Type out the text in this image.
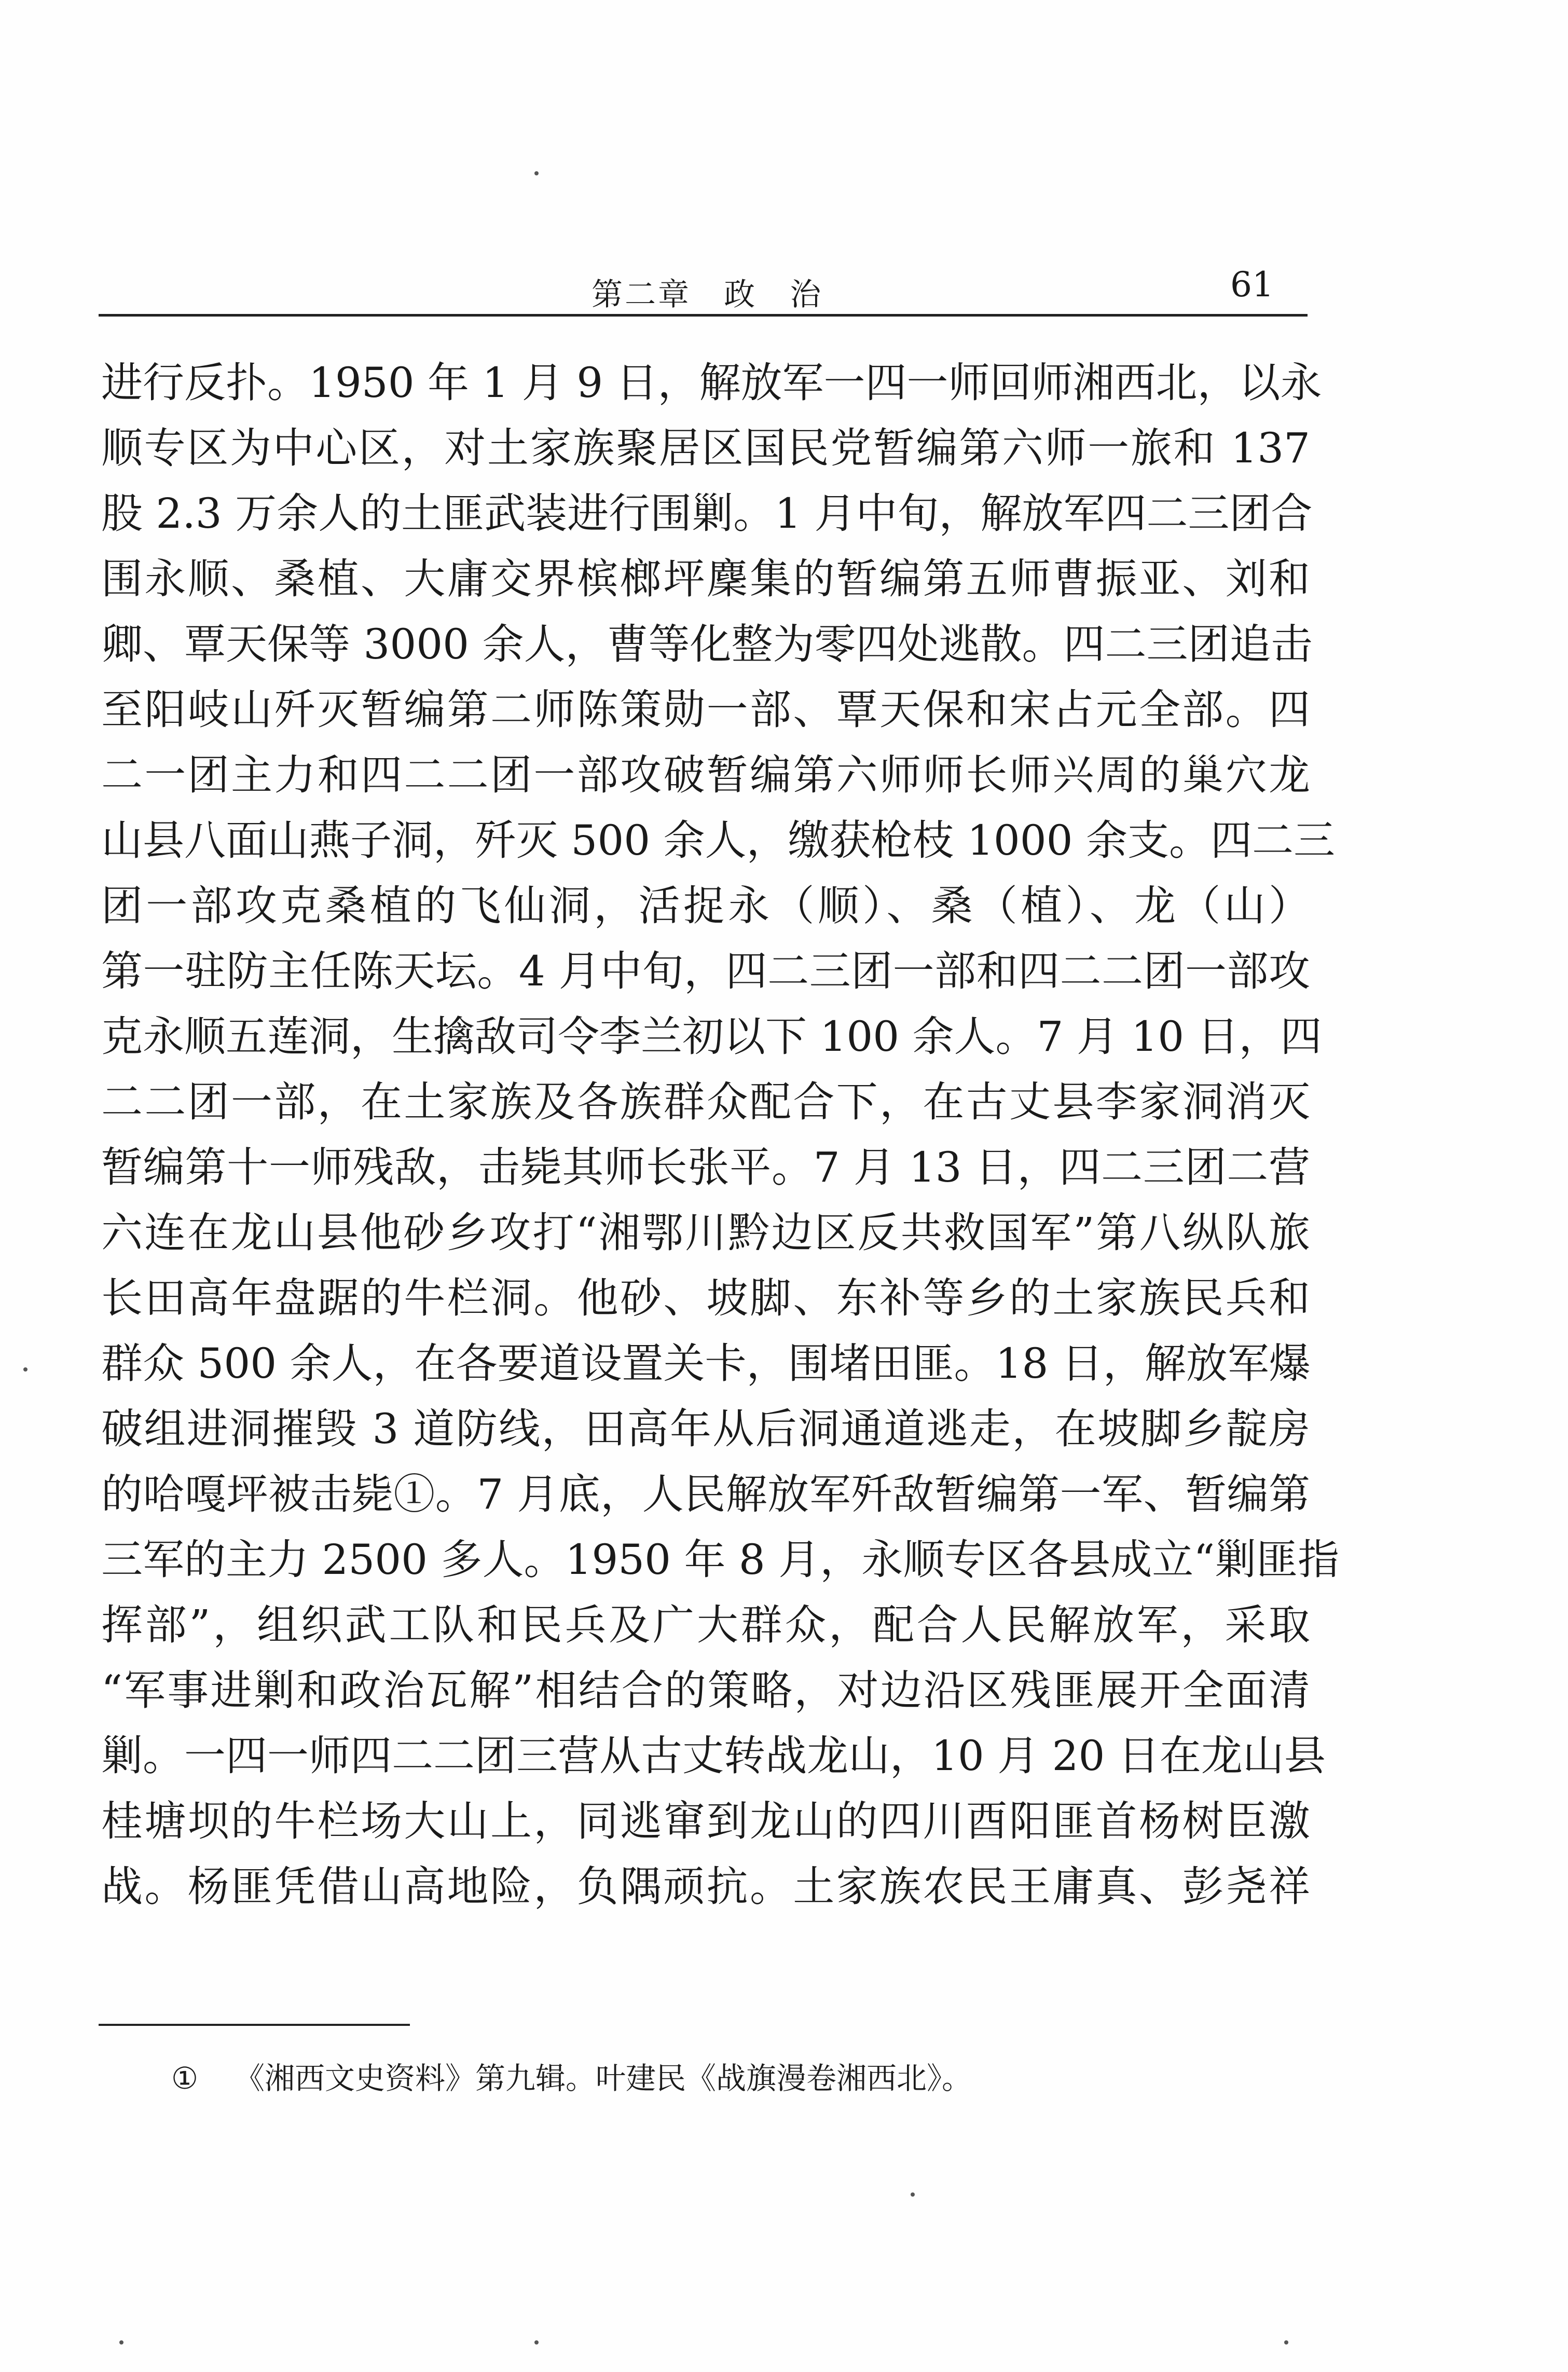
第二章 政 治	61
进行反扑。1950 年 1 月 9 日，解放军一四一师回师湘西北，以永
顺专区为中心区，对土家族聚居区国民党暂编第六师一旅和 137
股 2.3 万余人的土匪武装进行围剿。1 月中旬，解放军四二三团合
围永顺、桑植、大庸交界槟榔坪麇集的暂编第五师曹振亚、刘和
卿、覃天保等 3000 余人，曹等化整为零四处逃散。四二三团追击
至阳岐山歼灭暂编第二师陈策勋一部、覃天保和宋占元全部。四
二一团主力和四二二团一部攻破暂编第六师师长师兴周的巢穴龙
山县八面山燕子洞，歼灭 500 余人，缴获枪枝 1000 余支。四二三
团一部攻克桑植的飞仙洞，活捉永（顺）、桑（植）、龙（山）
第一驻防主任陈天坛。4 月中旬，四二三团一部和四二二团一部攻
克永顺五莲洞，生擒敌司令李兰初以下 100 余人。7 月 10 日，四
二二团一部，在土家族及各族群众配合下，在古丈县李家洞消灭
暂编第十一师残敌，击毙其师长张平。7 月 13 日，四二三团二营
六连在龙山县他砂乡攻打“湘鄂川黔边区反共救国军”第八纵队旅
长田高年盘踞的牛栏洞。他砂、坡脚、东补等乡的土家族民兵和
群众 500 余人，在各要道设置关卡，围堵田匪。18 日，解放军爆
破组进洞摧毁 3 道防线，田高年从后洞通道逃走，在坡脚乡靛房
的哈嘎坪被击毙①。7 月底，人民解放军歼敌暂编第一军、暂编第
三军的主力 2500 多人。1950 年 8 月，永顺专区各县成立“剿匪指
挥部”，组织武工队和民兵及广大群众，配合人民解放军，采取
“军事进剿和政治瓦解”相结合的策略，对边沿区残匪展开全面清
剿。一四一师四二二团三营从古丈转战龙山，10 月 20 日在龙山县
桂塘坝的牛栏场大山上，同逃窜到龙山的四川酉阳匪首杨树臣激
战。杨匪凭借山高地险，负隅顽抗。土家族农民王庸真、彭尧祥
① 《湘西文史资料》第九辑。叶建民《战旗漫卷湘西北》。
